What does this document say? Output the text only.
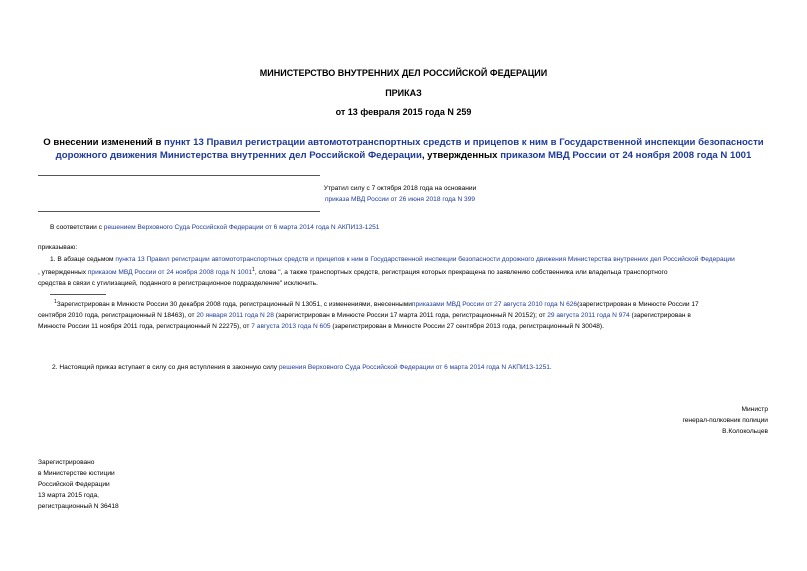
МИНИСТЕРСТВО ВНУТРЕННИХ ДЕЛ РОССИЙСКОЙ ФЕДЕРАЦИИ
ПРИКАЗ
от 13 февраля 2015 года N 259
О внесении изменений в пункт 13 Правил регистрации автомототранспортных средств и прицепов к ним в Государственной инспекции безопасности дорожного движения Министерства внутренних дел Российской Федерации, утвержденных приказом МВД России от 24 ноября 2008 года N 1001
Утратил силу с 7 октября 2018 года на основании
приказа МВД России от 26 июня 2018 года N 399
В соответствии с решением Верховного Суда Российской Федерации от 6 марта 2014 года N АКПИ13-1251
приказываю:
1. В абзаце седьмом пункта 13 Правил регистрации автомототранспортных средств и прицепов к ним в Государственной инспекции безопасности дорожного движения Министерства внутренних дел Российской Федерации
, утвержденных приказом МВД России от 24 ноября 2008 года N 1001$^1$, слова ", а также транспортных средств, регистрация которых прекращена по заявлению собственника или владельца транспортного
средства в связи с утилизацией, поданного в регистрационное подразделение" исключить.
$^1$Зарегистрирован в Минюсте России 30 декабря 2008 года, регистрационный N 13051, с изменениями, внесеннымиприказами МВД России от 27 августа 2010 года N 626(зарегистрирован в Минюсте России 17
сентября 2010 года, регистрационный N 18463), от 20 января 2011 года N 28 (зарегистрирован в Минюсте России 17 марта 2011 года, регистрационный N 20152); от 29 августа 2011 года N 974 (зарегистрирован в
Минюсте России 11 ноября 2011 года, регистрационный N 22275), от 7 августа 2013 года N 605 (зарегистрирован в Минюсте России 27 сентября 2013 года, регистрационный N 30048).
2. Настоящий приказ вступает в силу со дня вступления в законную силу решения Верховного Суда Российской Федерации от 6 марта 2014 года N АКПИ13-1251.
Министр
генерал-полковник полиции
В.Колокольцев
Зарегистрировано
в Министерстве юстиции
Российской Федерации
13 марта 2015 года,
регистрационный N 36418
